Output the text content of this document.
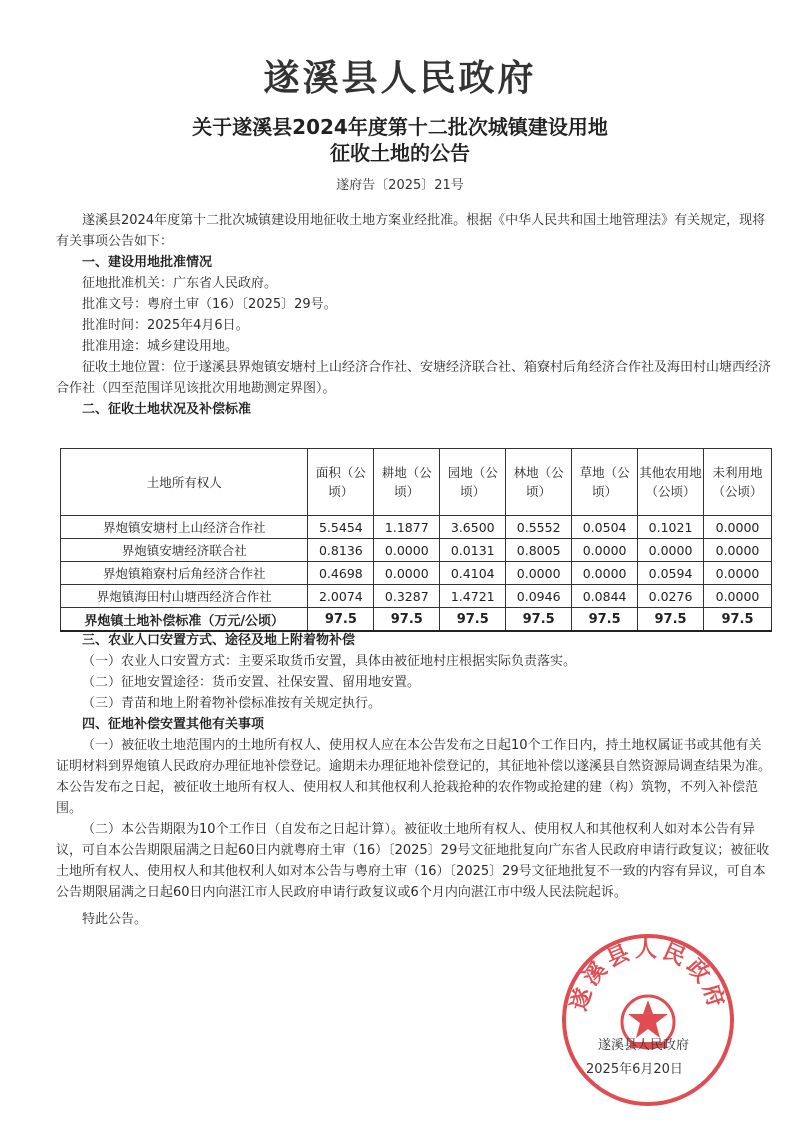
遂溪县人民政府
关于遂溪县2024年度第十二批次城镇建设用地
征收土地的公告
遂府告〔2025〕21号

遂溪县2024年度第十二批次城镇建设用地征收土地方案业经批准。根据《中华人民共和国土地管理法》有关规定，现将有关事项公告如下：

一、建设用地批准情况

征地批准机关：广东省人民政府。

批准文号：粤府土审（16）〔2025〕29号。

批准时间：2025年4月6日。

批准用途：城乡建设用地。

征收土地位置：位于遂溪县界炮镇安塘村上山经济合作社、安塘经济联合社、箱寮村后角经济合作社及海田村山塘西经济合作社（四至范围详见该批次用地勘测定界图）。

二、征收土地状况及补偿标准

土地所有权人	面积（公顷）	耕地（公顷）	园地（公顷）	林地（公顷）	草地（公顷）	其他农用地（公顷）	未利用地（公顷）
界炮镇安塘村上山经济合作社	5.5454	1.1877	3.6500	0.5552	0.0504	0.1021	0.0000
界炮镇安塘经济联合社	0.8136	0.0000	0.0131	0.8005	0.0000	0.0000	0.0000
界炮镇箱寮村后角经济合作社	0.4698	0.0000	0.4104	0.0000	0.0000	0.0594	0.0000
界炮镇海田村山塘西经济合作社	2.0074	0.3287	1.4721	0.0946	0.0844	0.0276	0.0000
界炮镇土地补偿标准（万元/公顷）	97.5	97.5	97.5	97.5	97.5	97.5	97.5

三、农业人口安置方式、途径及地上附着物补偿

（一）农业人口安置方式：主要采取货币安置，具体由被征地村庄根据实际负责落实。

（二）征地安置途径：货币安置、社保安置、留用地安置。

（三）青苗和地上附着物补偿标准按有关规定执行。

四、征地补偿安置其他有关事项

（一）被征收土地范围内的土地所有权人、使用权人应在本公告发布之日起10个工作日内，持土地权属证书或其他有关证明材料到界炮镇人民政府办理征地补偿登记。逾期未办理征地补偿登记的，其征地补偿以遂溪县自然资源局调查结果为准。本公告发布之日起，被征收土地所有权人、使用权人和其他权利人抢栽抢种的农作物或抢建的建（构）筑物，不列入补偿范围。

（二）本公告期限为10个工作日（自发布之日起计算）。被征收土地所有权人、使用权人和其他权利人如对本公告有异议，可自本公告期限届满之日起60日内就粤府土审（16）〔2025〕29号文征地批复向广东省人民政府申请行政复议；被征收土地所有权人、使用权人和其他权利人如对本公告与粤府土审（16）〔2025〕29号文征地批复不一致的内容有异议，可自本公告期限届满之日起60日内向湛江市人民政府申请行政复议或6个月内向湛江市中级人民法院起诉。

特此公告。

遂溪县人民政府
遂溪县人民政府
2025年6月20日
